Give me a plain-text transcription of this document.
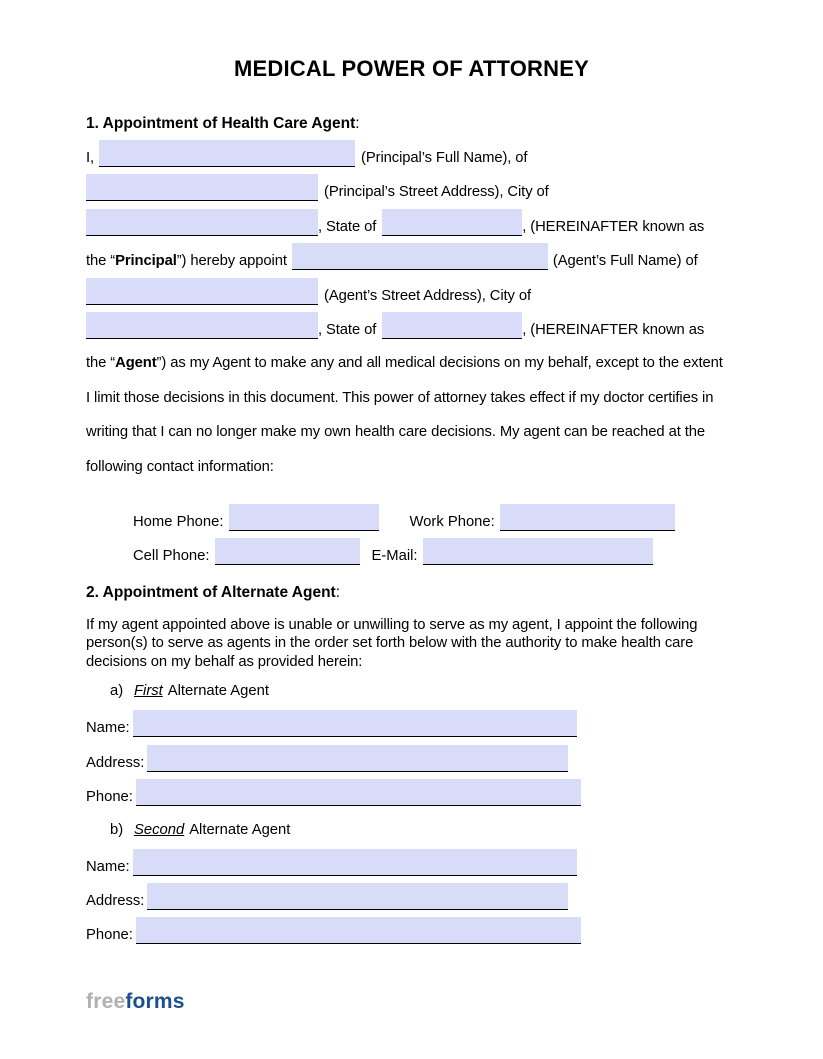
MEDICAL POWER OF ATTORNEY
1. Appointment of Health Care Agent:
I,	(Principal’s Full Name), of
(Principal’s Street Address), City of
, State of	, (HEREINAFTER known as
the “Principal”) hereby appoint	(Agent’s Full Name) of
(Agent’s Street Address), City of
, State of	, (HEREINAFTER known as
the “Agent”) as my Agent to make any and all medical decisions on my behalf, except to the extent
I limit those decisions in this document. This power of attorney takes effect if my doctor certifies in
writing that I can no longer make my own health care decisions. My agent can be reached at the
following contact information:
Home Phone:	Work Phone:
Cell Phone:	E-Mail:
2. Appointment of Alternate Agent:
If my agent appointed above is unable or unwilling to serve as my agent, I appoint the following
person(s) to serve as agents in the order set forth below with the authority to make health care
decisions on my behalf as provided herein:
a) First Alternate Agent
Name:
Address:
Phone:
b) Second Alternate Agent
Name:
Address:
Phone:
freeforms
